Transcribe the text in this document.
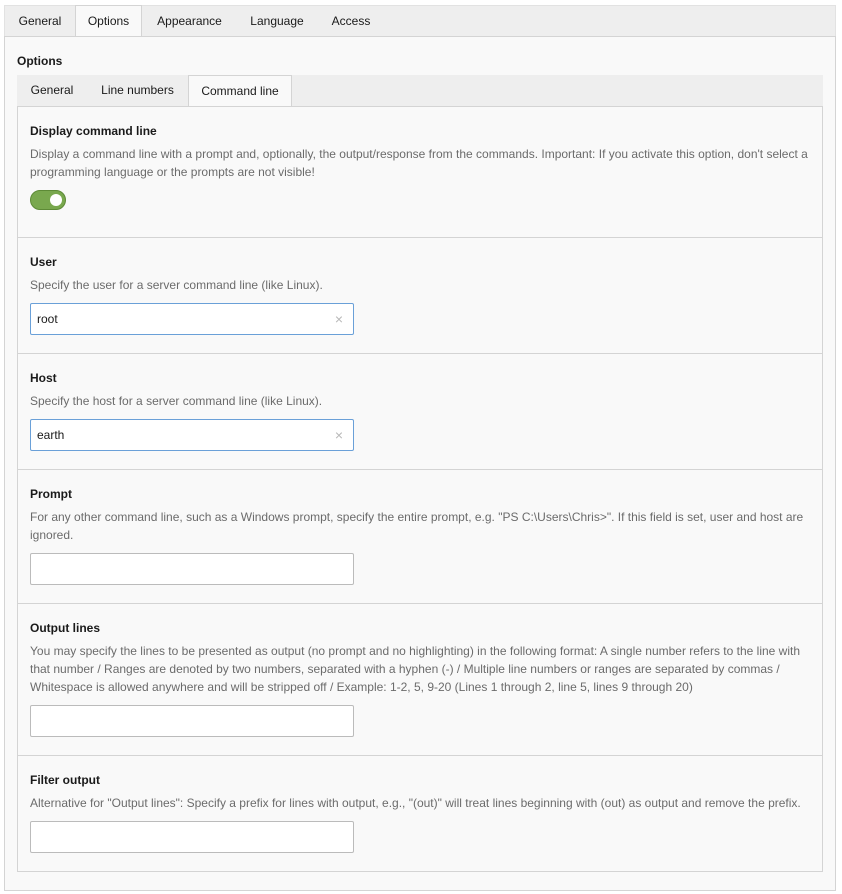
General	Options	Appearance	Language	Access
Options
General	Line numbers	Command line
Display command line
Display a command line with a prompt and, optionally, the output/response from the commands. Important: If you activate this option, don't select a programming language or the prompts are not visible!
User
Specify the user for a server command line (like Linux).
root	×
Host
Specify the host for a server command line (like Linux).
earth	×
Prompt
For any other command line, such as a Windows prompt, specify the entire prompt, e.g. "PS C:\Users\Chris>". If this field is set, user and host are ignored.
Output lines
You may specify the lines to be presented as output (no prompt and no highlighting) in the following format: A single number refers to the line with that number / Ranges are denoted by two numbers, separated with a hyphen (-) / Multiple line numbers or ranges are separated by commas / Whitespace is allowed anywhere and will be stripped off / Example: 1-2, 5, 9-20 (Lines 1 through 2, line 5, lines 9 through 20)
Filter output
Alternative for "Output lines": Specify a prefix for lines with output, e.g., "(out)" will treat lines beginning with (out) as output and remove the prefix.
